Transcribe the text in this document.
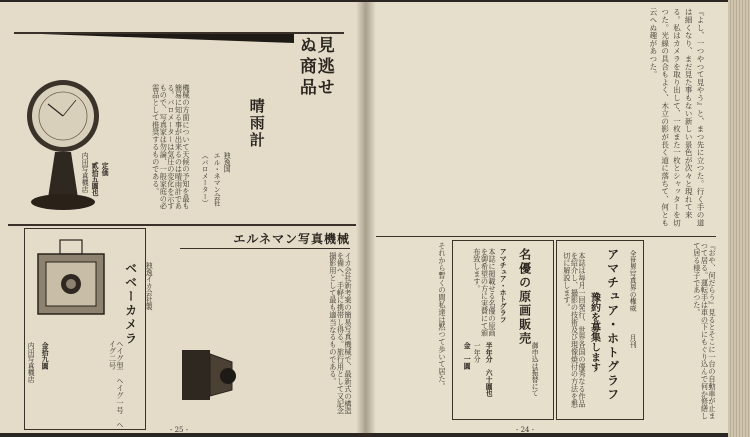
見逃せぬ商品
晴雨計
独逸国
エル・ネマン会社
（バロメーター）
機械の方面について天候の予知を最も簡易に知る事が出来るのは晴雨計である。バロメーターは気圧の変化を示すもので、写真家は勿論、一般家庭の必需品として推奨するものである。
定価
貳拾五圓也
内田写真機店
エルネマン写真機械
ベベーカメラ 独逸イカ会社製	イカ会社新考案の簡易写真機械で、最新式の構造を備へ、手軽に携帯し得る。旅行用として又記念撮影用として最も適当なるものである。
ヘイグ型　ヘイグ一号　ヘイグ二号
金拾九圓
内田写真機店
- 25 -
『よし、一つやつて見やう』と、まつ先に立つた。行く手の道は細くなり、まだ見た事もない新しい景色が次々と現れて来る。私はカメラを取り出して、一枚また一枚とシャッターを切つた。光線の具合もよく、木立の影が長く道に落ちて、何とも云へぬ趣があつた。
アマチュア・ホトグラフ 全世界写真界の権威
月刊
豫約を募集します
本誌は毎月一回発行、世界各国の優秀なる作品を紹介し、撮影の技術及び現像焼付の方法を懇切に解説します。
名優の原画販売
アマチュア・ホトグラフ
本誌に掲載せる名優の原画を御希望の方に実費にて頒布致します。
半年分　六十圓也
一年分
金　一圓	御申込は振替にて	『おや、何だらう』見るとそこに一台の自動車が止まつて居る。運転手は車の下にもぐり込んで何か修繕して居る様子であつた。
それから暫くの間私達は黙つて歩いて居た。
- 24 -
